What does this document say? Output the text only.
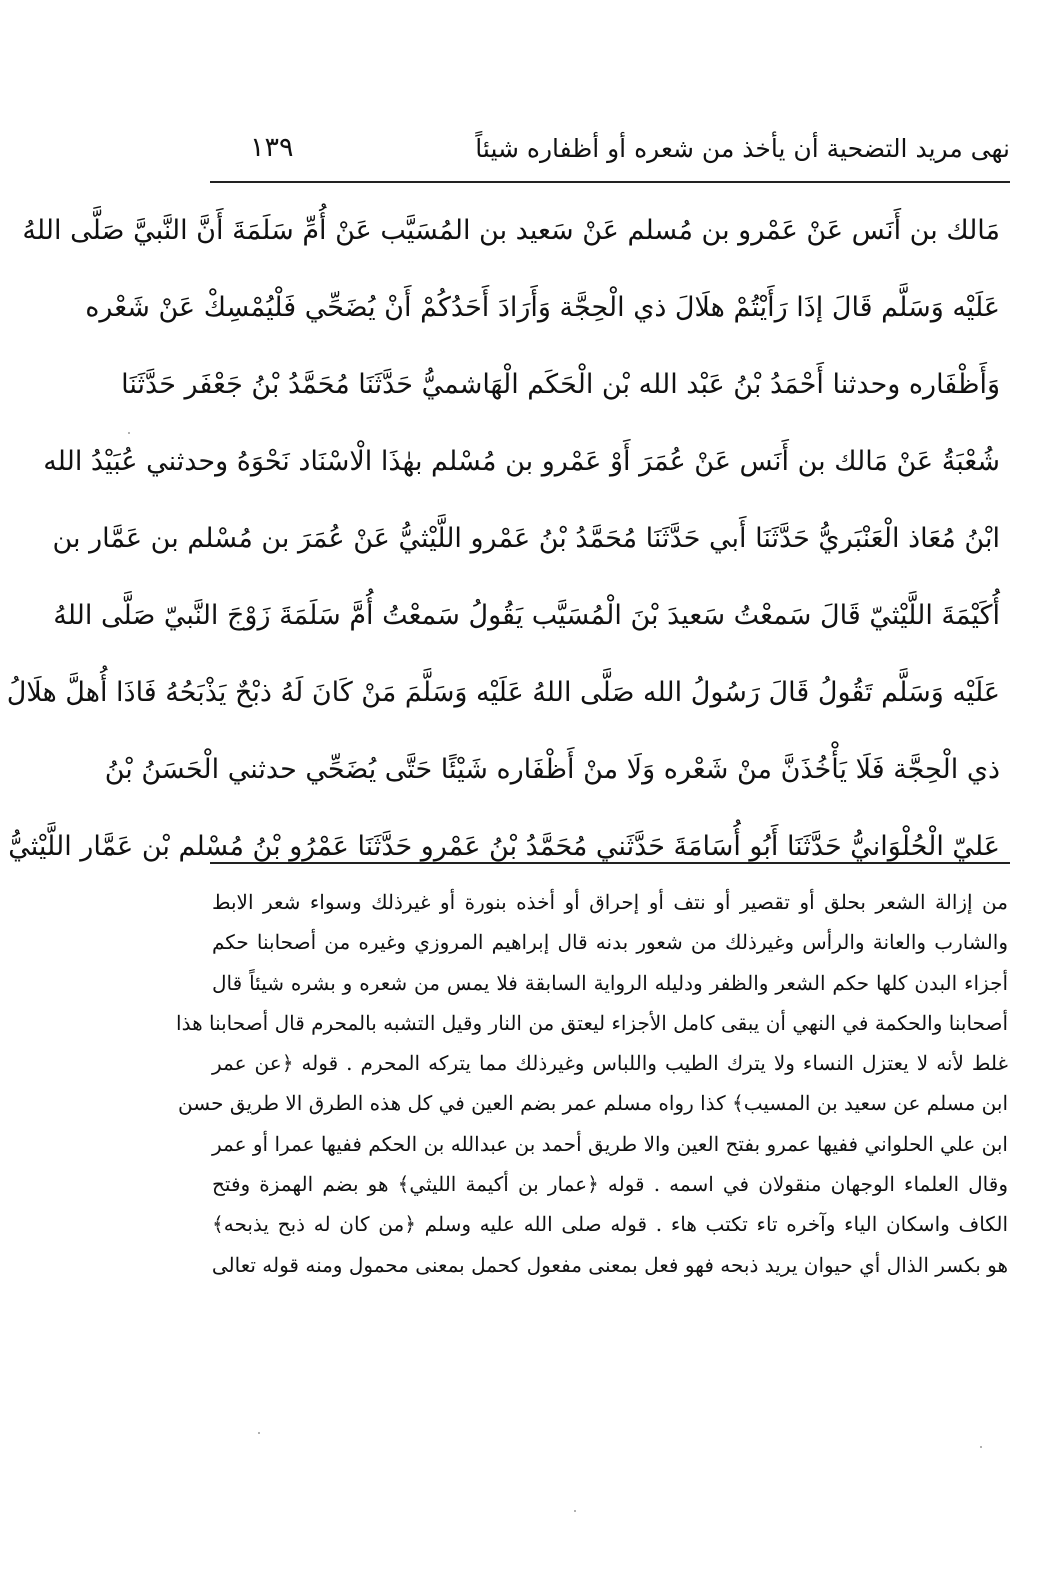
نهى مريد التضحية أن يأخذ من شعره أو أظفاره شيئاً
١٣٩
مَالك بن أَنَس عَنْ عَمْرو بن مُسلم عَنْ سَعيد بن المُسَيَّب عَنْ أُمِّ سَلَمَةَ أَنَّ النَّبيَّ صَلَّى اللهُ
عَلَيْه وَسَلَّم قَالَ إذَا رَأَيْتُمْ هلَالَ ذي الْحِجَّة وَأَرَادَ أَحَدُكُمْ أَنْ يُضَحِّي فَلْيُمْسِكْ عَنْ شَعْره
وَأَظْفَاره وحدثنا أَحْمَدُ بْنُ عَبْد الله بْن الْحَكَم الْهَاشميُّ حَدَّثَنَا مُحَمَّدُ بْنُ جَعْفَر حَدَّثَنَا
شُعْبَةُ عَنْ مَالك بن أَنَس عَنْ عُمَرَ أَوْ عَمْرو بن مُسْلم بهٰذَا الْاسْنَاد نَحْوَهُ وحدثني عُبَيْدُ الله
ابْنُ مُعَاذ الْعَنْبَريُّ حَدَّثَنَا أَبي حَدَّثَنَا مُحَمَّدُ بْنُ عَمْرو اللَّيْثيُّ عَنْ عُمَرَ بن مُسْلم بن عَمَّار بن
أُكَيْمَةَ اللَّيْثيّ قَالَ سَمعْتُ سَعيدَ بْنَ الْمُسَيَّب يَقُولُ سَمعْتُ أُمَّ سَلَمَةَ زَوْجَ النَّبيّ صَلَّى اللهُ
عَلَيْه وَسَلَّم تَقُولُ قَالَ رَسُولُ الله صَلَّى اللهُ عَلَيْه وَسَلَّمَ مَنْ كَانَ لَهُ ذبْحٌ يَذْبَحُهُ فَاذَا أُهلَّ هلَالُ
ذي الْحِجَّة فَلَا يَأْخُذَنَّ منْ شَعْره وَلَا منْ أَظْفَاره شَيْئًا حَتَّى يُضَحِّي حدثني الْحَسَنُ بْنُ
عَليّ الْحُلْوَانيُّ حَدَّثَنَا أَبُو أُسَامَةَ حَدَّثَني مُحَمَّدُ بْنُ عَمْرو حَدَّثَنَا عَمْرُو بْنُ مُسْلم بْن عَمَّار اللَّيْثيُّ
من إزالة الشعر بحلق أو تقصير أو نتف أو إحراق أو أخذه بنورة أو غيرذلك وسواء شعر الابط
والشارب والعانة والرأس وغيرذلك من شعور بدنه قال إبراهيم المروزي وغيره من أصحابنا حكم
أجزاء البدن كلها حكم الشعر والظفر ودليله الرواية السابقة فلا يمس من شعره و بشره شيئاً قال
أصحابنا والحكمة في النهي أن يبقى كامل الأجزاء ليعتق من النار وقيل التشبه بالمحرم قال أصحابنا هذا
غلط لأنه لا يعتزل النساء ولا يترك الطيب واللباس وغيرذلك مما يتركه المحرم . قوله ﴿عن عمر
ابن مسلم عن سعيد بن المسيب﴾ كذا رواه مسلم عمر بضم العين في كل هذه الطرق الا طريق حسن
ابن علي الحلواني ففيها عمرو بفتح العين والا طريق أحمد بن عبدالله بن الحكم ففيها عمرا أو عمر
وقال العلماء الوجهان منقولان في اسمه . قوله ﴿عمار بن أكيمة الليثي﴾ هو بضم الهمزة وفتح
الكاف واسكان الياء وآخره تاء تكتب هاء . قوله صلى الله عليه وسلم ﴿من كان له ذبح يذبحه﴾
هو بكسر الذال أي حيوان يريد ذبحه فهو فعل بمعنى مفعول كحمل بمعنى محمول ومنه قوله تعالى
